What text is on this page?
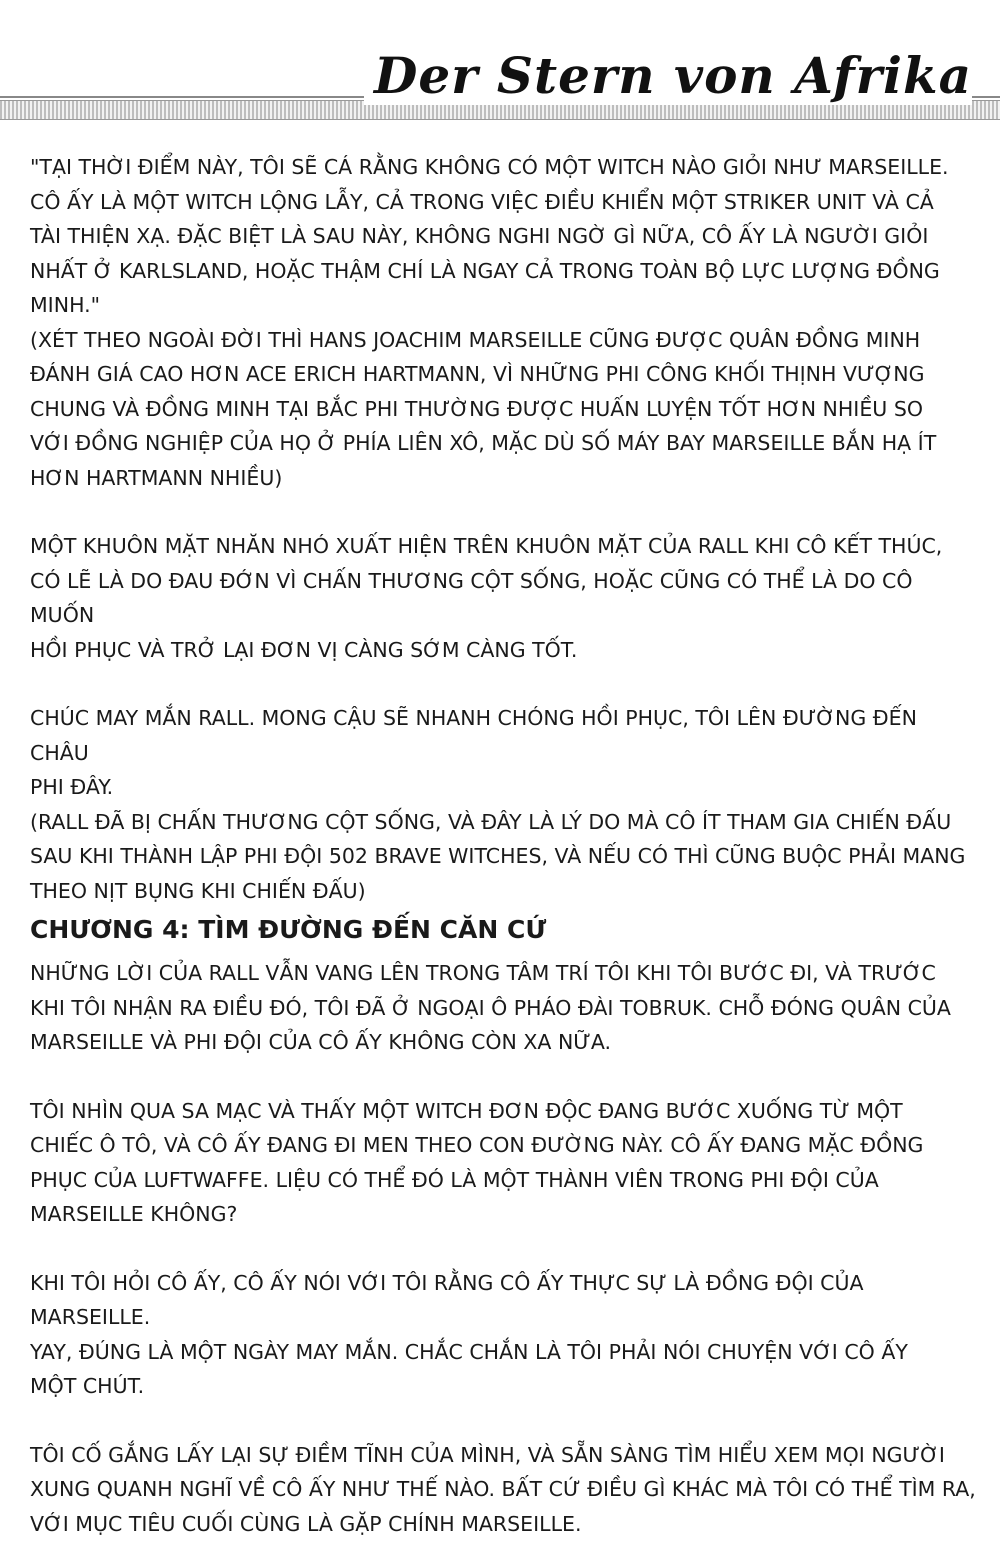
Der Stern von Afrika
"TẠI THỜI ĐIỂM NÀY, TÔI SẼ CÁ RẰNG KHÔNG CÓ MỘT WITCH NÀO GIỎI NHƯ MARSEILLE.
CÔ ẤY LÀ MỘT WITCH LỘNG LẪY, CẢ TRONG VIỆC ĐIỀU KHIỂN MỘT STRIKER UNIT VÀ CẢ
TÀI THIỆN XẠ. ĐẶC BIỆT LÀ SAU NÀY, KHÔNG NGHI NGỜ GÌ NỮA, CÔ ẤY LÀ NGƯỜI GIỎI
NHẤT Ở KARLSLAND, HOẶC THẬM CHÍ LÀ NGAY CẢ TRONG TOÀN BỘ LỰC LƯỢNG ĐỒNG
MINH."
(XÉT THEO NGOÀI ĐỜI THÌ HANS JOACHIM MARSEILLE CŨNG ĐƯỢC QUÂN ĐỒNG MINH
ĐÁNH GIÁ CAO HƠN ACE ERICH HARTMANN, VÌ NHỮNG PHI CÔNG KHỐI THỊNH VƯỢNG
CHUNG VÀ ĐỒNG MINH TẠI BẮC PHI THƯỜNG ĐƯỢC HUẤN LUYỆN TỐT HƠN NHIỀU SO
VỚI ĐỒNG NGHIỆP CỦA HỌ Ở PHÍA LIÊN XÔ, MẶC DÙ SỐ MÁY BAY MARSEILLE BẮN HẠ ÍT
HƠN HARTMANN NHIỀU)
MỘT KHUÔN MẶT NHĂN NHÓ XUẤT HIỆN TRÊN KHUÔN MẶT CỦA RALL KHI CÔ KẾT THÚC,
CÓ LẼ LÀ DO ĐAU ĐỚN VÌ CHẤN THƯƠNG CỘT SỐNG, HOẶC CŨNG CÓ THỂ LÀ DO CÔ MUỐN
HỒI PHỤC VÀ TRỞ LẠI ĐƠN VỊ CÀNG SỚM CÀNG TỐT.
CHÚC MAY MẮN RALL. MONG CẬU SẼ NHANH CHÓNG HỒI PHỤC, TÔI LÊN ĐƯỜNG ĐẾN CHÂU
PHI ĐÂY.
(RALL ĐÃ BỊ CHẤN THƯƠNG CỘT SỐNG, VÀ ĐÂY LÀ LÝ DO MÀ CÔ ÍT THAM GIA CHIẾN ĐẤU
SAU KHI THÀNH LẬP PHI ĐỘI 502 BRAVE WITCHES, VÀ NẾU CÓ THÌ CŨNG BUỘC PHẢI MANG
THEO NỊT BỤNG KHI CHIẾN ĐẤU)
CHƯƠNG 4: TÌM ĐƯỜNG ĐẾN CĂN CỨ
NHỮNG LỜI CỦA RALL VẪN VANG LÊN TRONG TÂM TRÍ TÔI KHI TÔI BƯỚC ĐI, VÀ TRƯỚC
KHI TÔI NHẬN RA ĐIỀU ĐÓ, TÔI ĐÃ Ở NGOẠI Ô PHÁO ĐÀI TOBRUK. CHỖ ĐÓNG QUÂN CỦA
MARSEILLE VÀ PHI ĐỘI CỦA CÔ ẤY KHÔNG CÒN XA NỮA.
TÔI NHÌN QUA SA MẠC VÀ THẤY MỘT WITCH ĐƠN ĐỘC ĐANG BƯỚC XUỐNG TỪ MỘT
CHIẾC Ô TÔ, VÀ CÔ ẤY ĐANG ĐI MEN THEO CON ĐƯỜNG NÀY. CÔ ẤY ĐANG MẶC ĐỒNG
PHỤC CỦA LUFTWAFFE. LIỆU CÓ THỂ ĐÓ LÀ MỘT THÀNH VIÊN TRONG PHI ĐỘI CỦA
MARSEILLE KHÔNG?
KHI TÔI HỎI CÔ ẤY, CÔ ẤY NÓI VỚI TÔI RẰNG CÔ ẤY THỰC SỰ LÀ ĐỒNG ĐỘI CỦA MARSEILLE.
YAY, ĐÚNG LÀ MỘT NGÀY MAY MẮN. CHẮC CHẮN LÀ TÔI PHẢI NÓI CHUYỆN VỚI CÔ ẤY
MỘT CHÚT.
TÔI CỐ GẮNG LẤY LẠI SỰ ĐIỀM TĨNH CỦA MÌNH, VÀ SẴN SÀNG TÌM HIỂU XEM MỌI NGƯỜI
XUNG QUANH NGHĨ VỀ CÔ ẤY NHƯ THẾ NÀO. BẤT CỨ ĐIỀU GÌ KHÁC MÀ TÔI CÓ THỂ TÌM RA,
VỚI MỤC TIÊU CUỐI CÙNG LÀ GẶP CHÍNH MARSEILLE.
